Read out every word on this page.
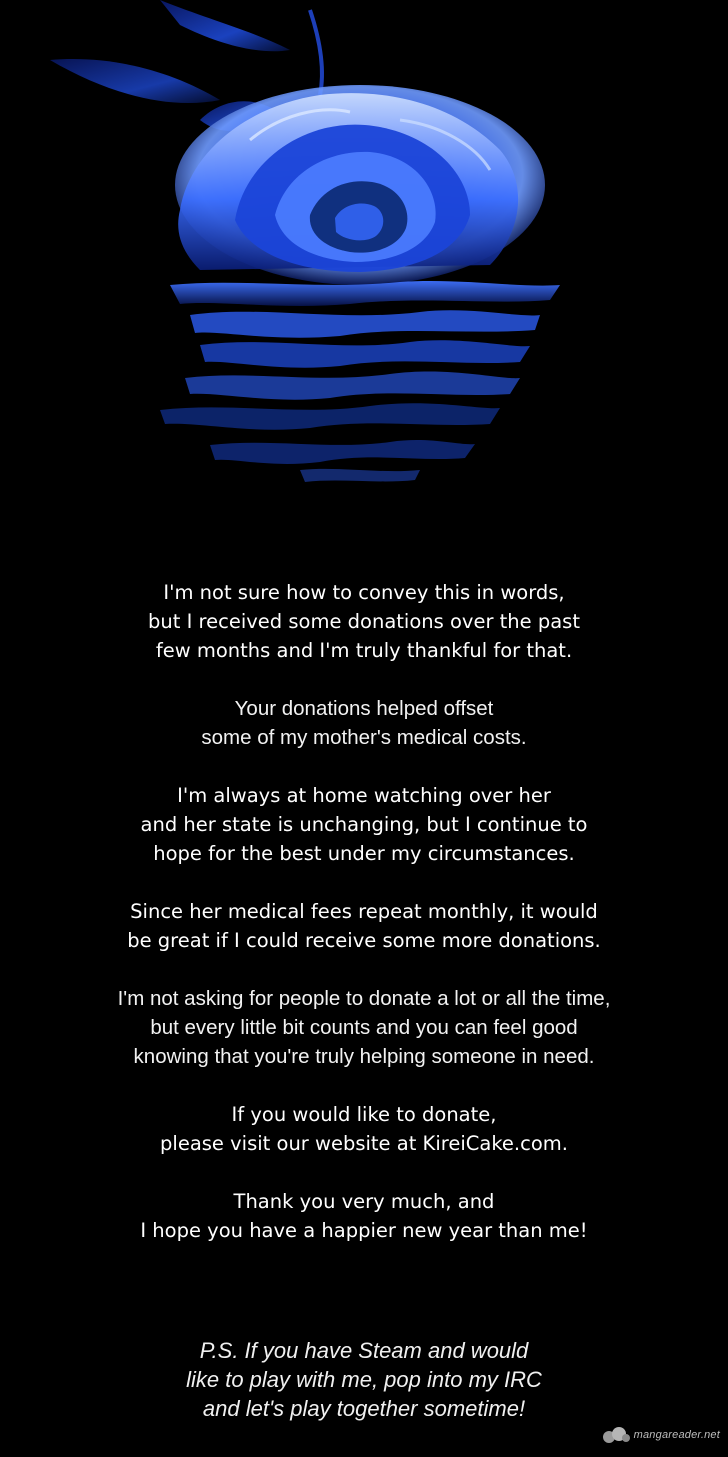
I'm not sure how to convey this in words,
but I received some donations over the past
few months and I'm truly thankful for that.

Your donations helped offset
some of my mother's medical costs.

I'm always at home watching over her
and her state is unchanging, but I continue to
hope for the best under my circumstances.

Since her medical fees repeat monthly, it would
be great if I could receive some more donations.

I'm not asking for people to donate a lot or all the time,
but every little bit counts and you can feel good
knowing that you're truly helping someone in need.

If you would like to donate,
please visit our website at KireiCake.com.

Thank you very much, and
I hope you have a happier new year than me!

P.S. If you have Steam and would
like to play with me, pop into my IRC
and let's play together sometime!
mangareader.net
